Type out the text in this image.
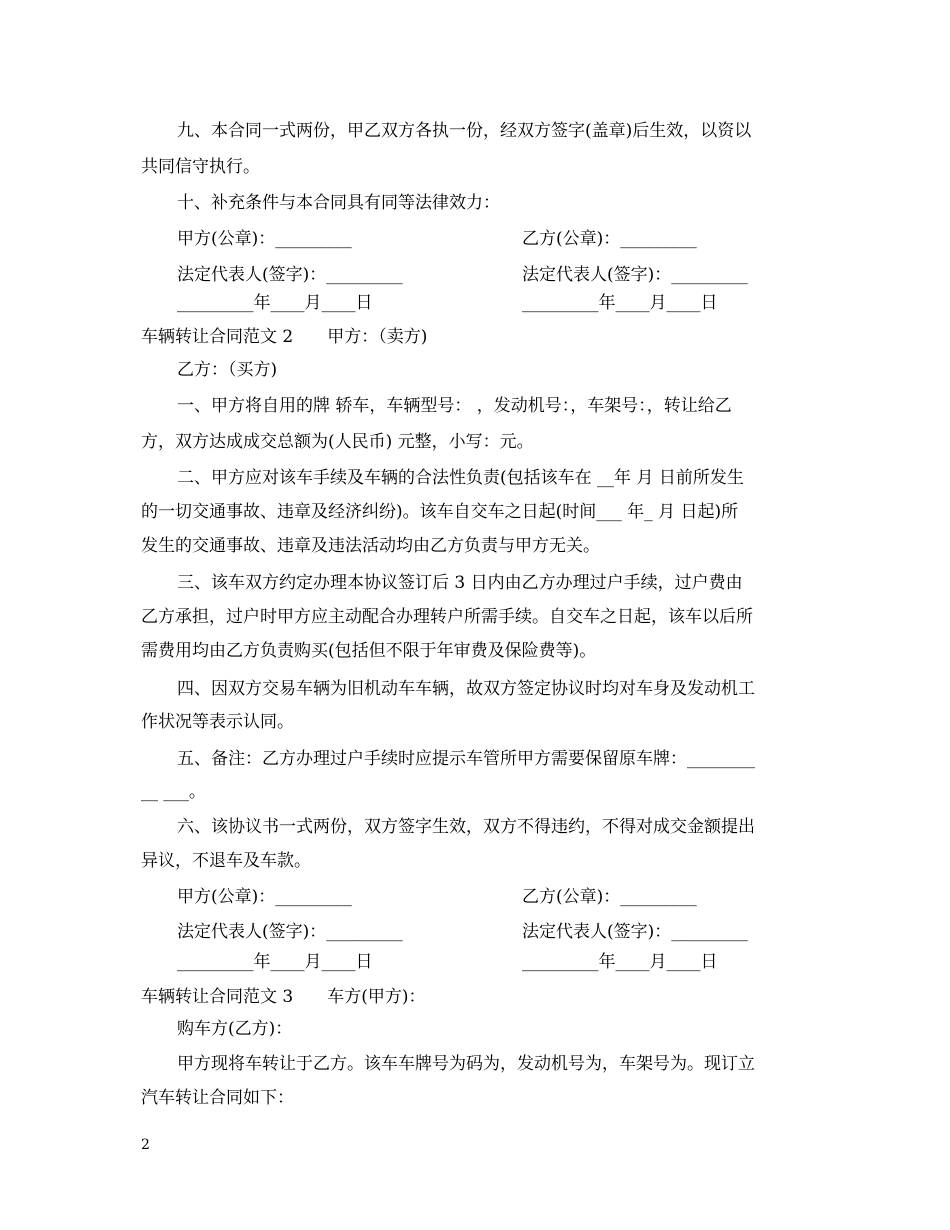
九、本合同一式两份，甲乙双方各执一份，经双方签字(盖章)后生效，以资以
共同信守执行。
十、补充条件与本合同具有同等法律效力：
甲方(公章)：_________	乙方(公章)：_________
法定代表人(签字)：_________	法定代表人(签字)：_________
_________年____月____日	_________年____月____日
车辆转让合同范文 2　　甲方：（卖方)
乙方：（买方)
一、甲方将自用的牌 轿车，车辆型号： ，发动机号：，车架号：，转让给乙
方，双方达成成交总额为(人民币) 元整，小写：元。
二、甲方应对该车手续及车辆的合法性负责(包括该车在 __年 月 日前所发生
的一切交通事故、违章及经济纠纷)。该车自交车之日起(时间___ 年_ 月 日起)所
发生的交通事故、违章及违法活动均由乙方负责与甲方无关。
三、该车双方约定办理本协议签订后 3 日内由乙方办理过户手续，过户费由
乙方承担，过户时甲方应主动配合办理转户所需手续。自交车之日起，该车以后所
需费用均由乙方负责购买(包括但不限于年审费及保险费等)。
四、因双方交易车辆为旧机动车车辆，故双方签定协议时均对车身及发动机工
作状况等表示认同。
五、备注：乙方办理过户手续时应提示车管所甲方需要保留原车牌：________
__ ___。
六、该协议书一式两份，双方签字生效，双方不得违约，不得对成交金额提出
异议，不退车及车款。
甲方(公章)：_________	乙方(公章)：_________
法定代表人(签字)：_________	法定代表人(签字)：_________
_________年____月____日	_________年____月____日
车辆转让合同范文 3　　车方(甲方)：
购车方(乙方)：
甲方现将车转让于乙方。该车车牌号为码为，发动机号为，车架号为。现订立
汽车转让合同如下：
2
